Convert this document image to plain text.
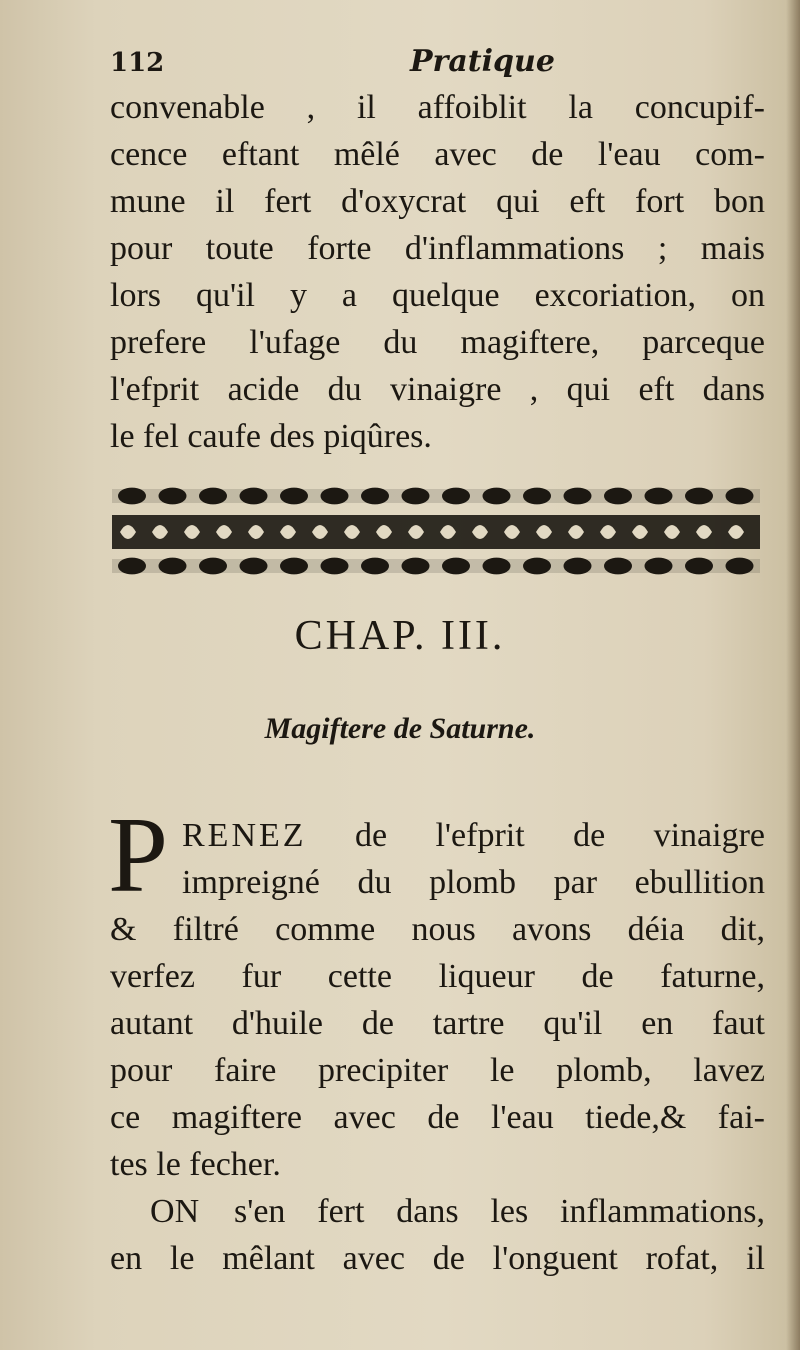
112	Pratique

convenable , il affoiblit la concupif-
cence eftant mêlé avec de l'eau com-
mune il fert d'oxycrat qui eft fort bon
pour toute forte d'inflammations ; mais
lors qu'il y a quelque excoriation, on
prefere l'ufage du magiftere, parceque
l'efprit acide du vinaigre , qui eft dans
le fel caufe des piqûres.

CHAP. III.
Magiftere de Saturne.
P RENEZ de l'efprit de vinaigre
impreigné du plomb par ebullition
& filtré comme nous avons déia dit,
verfez fur cette liqueur de faturne,
autant d'huile de tartre qu'il en faut
pour faire precipiter le plomb, lavez
ce magiftere avec de l'eau tiede,& fai-
tes le fecher.

ON s'en fert dans les inflammations,
en le mêlant avec de l'onguent rofat, il
